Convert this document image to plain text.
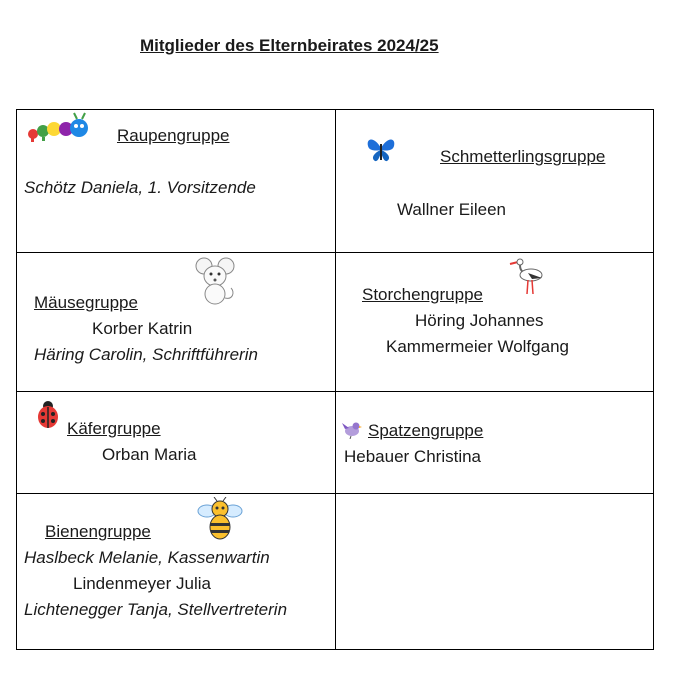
Mitglieder des Elternbeirates 2024/25
Raupengruppe
Schötz Daniela, 1. Vorsitzende
Schmetterlingsgruppe
Wallner Eileen
Mäusegruppe
Korber Katrin
Häring Carolin, Schriftführerin
Storchengruppe
Höring Johannes
Kammermeier Wolfgang
Käfergruppe
Orban Maria
Spatzengruppe
Hebauer Christina
Bienengruppe
Haslbeck Melanie, Kassenwartin
Lindenmeyer Julia
Lichtenegger Tanja, Stellvertreterin
